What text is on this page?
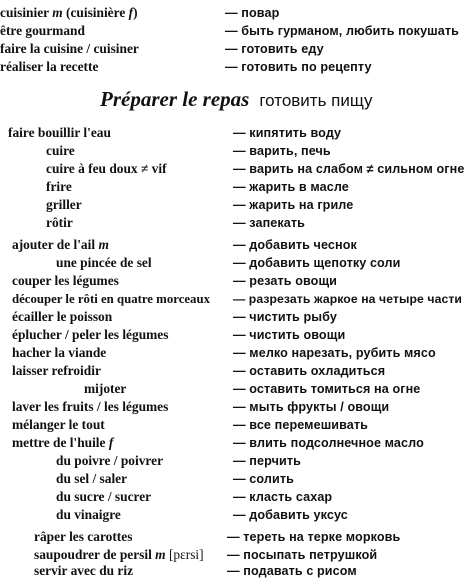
cuisinier m (cuisinière f)	— повар
être gourmand	— быть гурманом, любить покушать
faire la cuisine / cuisiner	— готовить еду
réaliser la recette	— готовить по рецепту
Préparer le repas готовить пищу
faire bouillir l'eau	— кипятить воду
cuire	— варить, печь
cuire à feu doux ≠ vif	— варить на слабом ≠ сильном огне
frire	— жарить в масле
griller	— жарить на гриле
rôtir	— запекать
ajouter de l'ail m	— добавить чеснок
une pincée de sel	— добавить щепотку соли
couper les légumes	— резать овощи
découper le rôti en quatre morceaux — разрезать жаркое на четыре части
écailler le poisson	— чистить рыбу
éplucher / peler les légumes	— чистить овощи
hacher la viande	— мелко нарезать, рубить мясо
laisser refroidir	— оставить охладиться
mijoter	— оставить томиться на огне
laver les fruits / les légumes	— мыть фрукты / овощи
mélanger le tout	— все перемешивать
mettre de l'huile f	— влить подсолнечное масло
du poivre / poivrer	— перчить
du sel / saler	— солить
du sucre / sucrer	— класть сахар
du vinaigre	— добавить уксус
râper les carottes	— тереть на терке морковь
saupoudrer de persil m [pɛrsi] — посыпать петрушкой
servir avec du riz	— подавать с рисом
